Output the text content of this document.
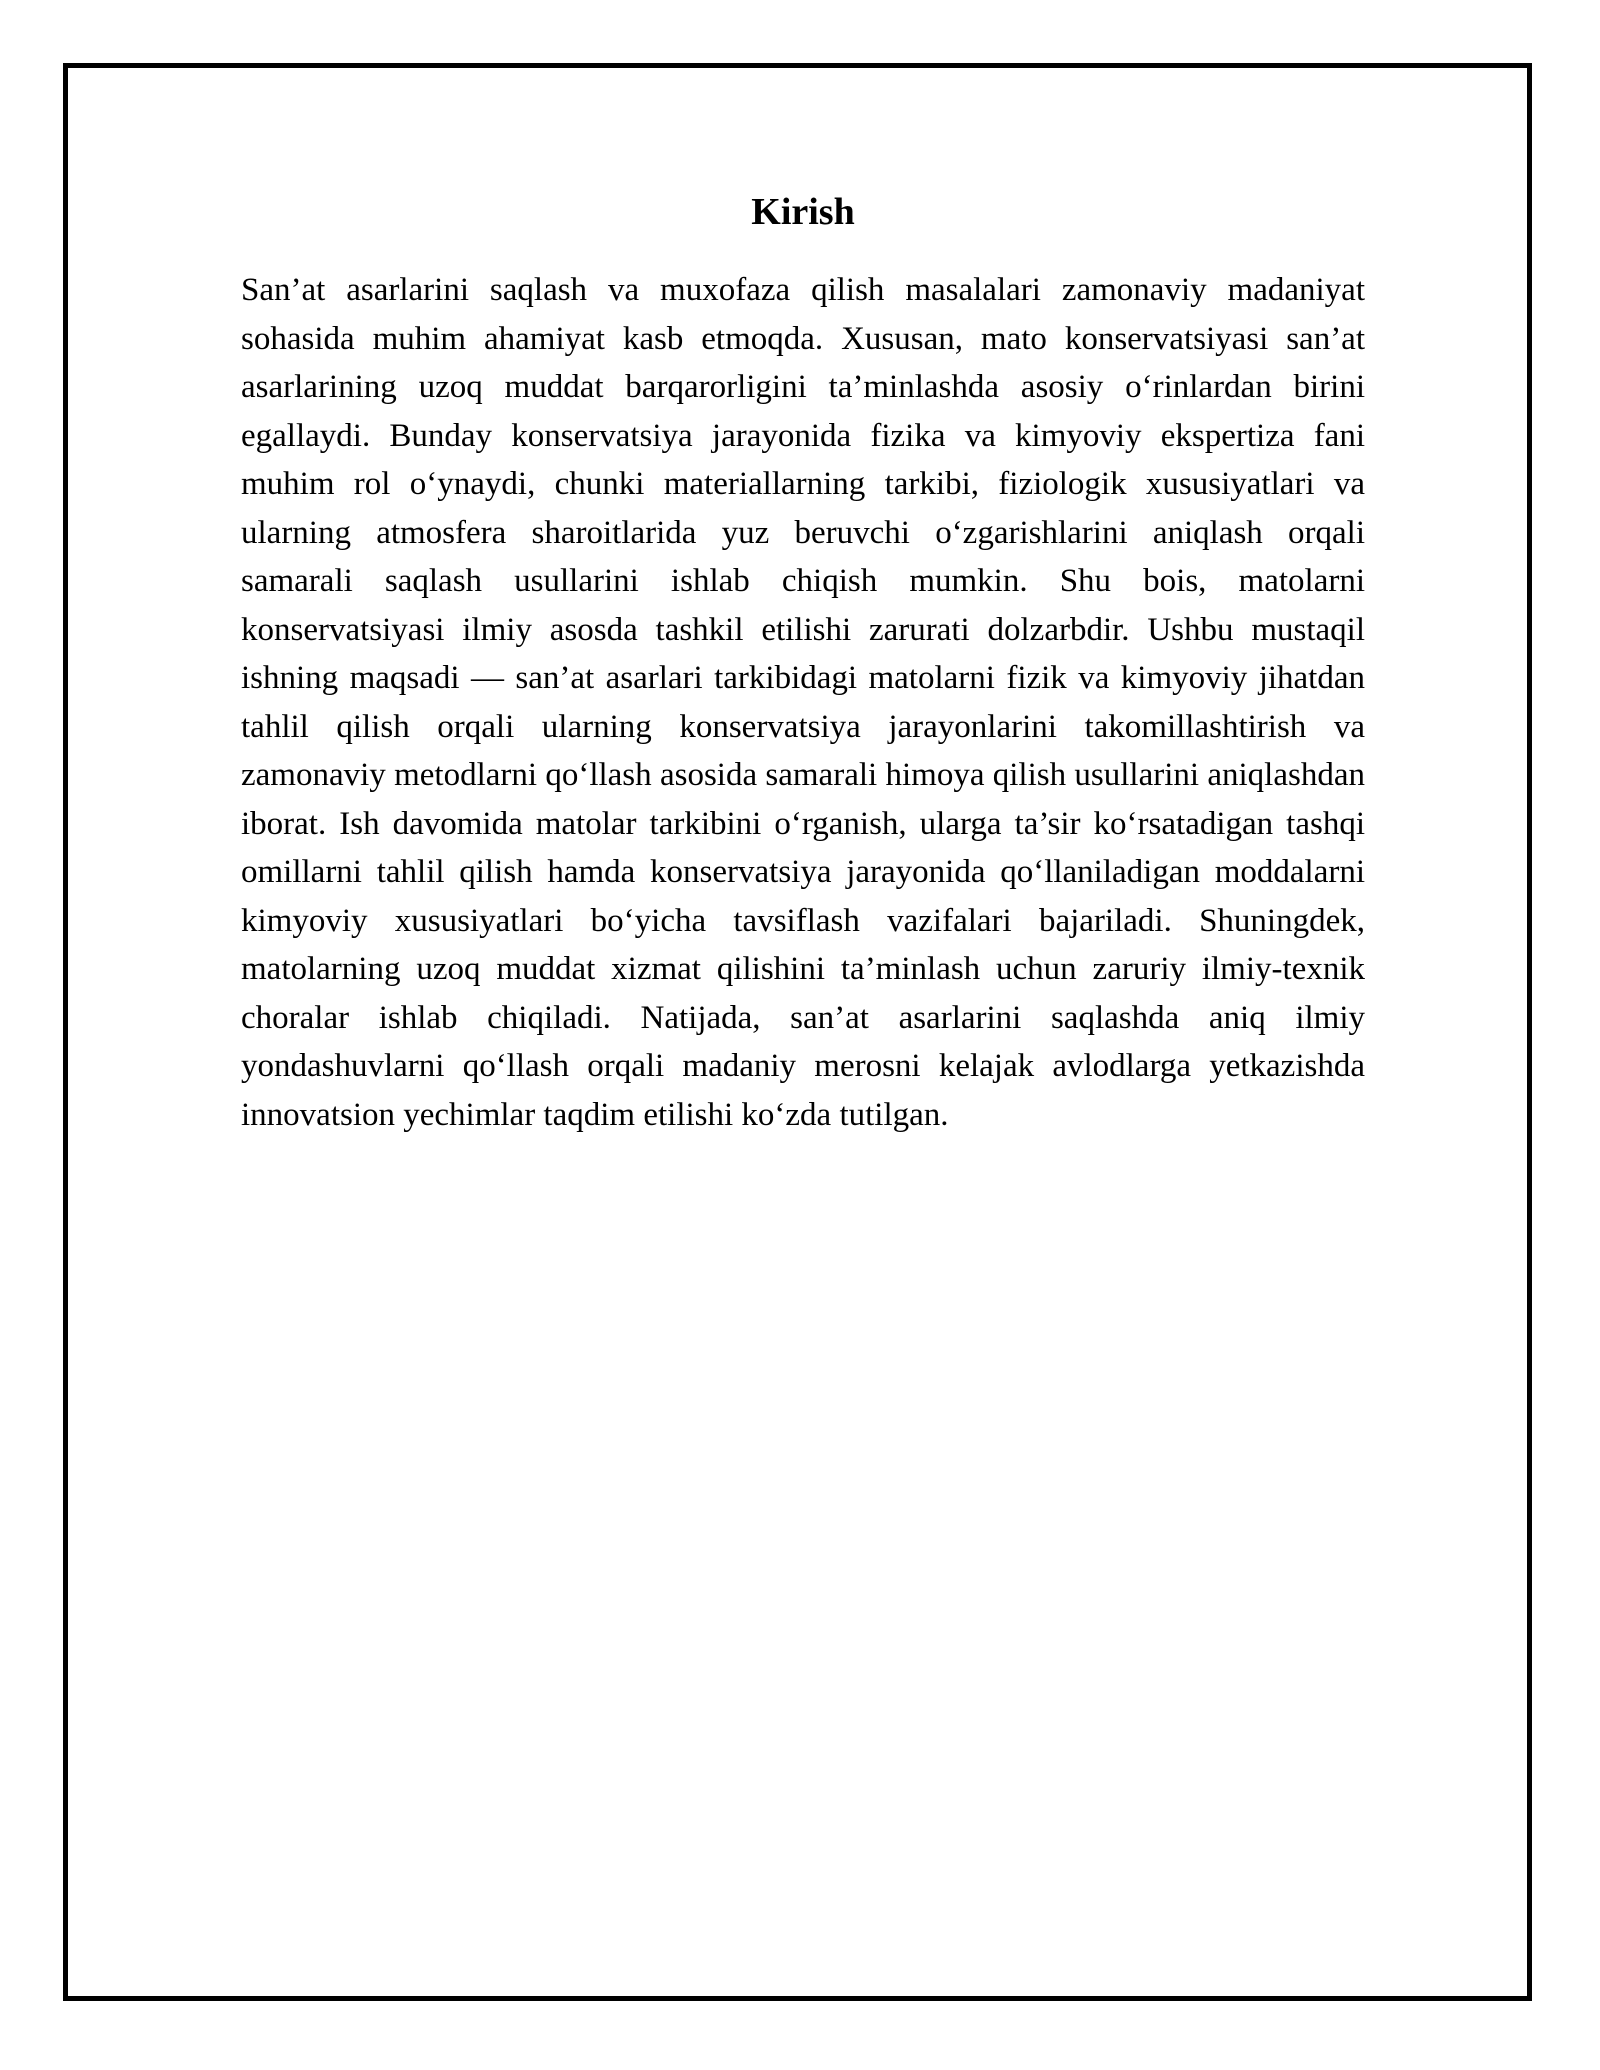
Kirish

San’at asarlarini saqlash va muxofaza qilish masalalari zamonaviy madaniyat sohasida muhim ahamiyat kasb etmoqda. Xususan, mato konservatsiyasi san’at asarlarining uzoq muddat barqarorligini ta’minlashda asosiy o‘rinlardan birini egallaydi. Bunday konservatsiya jarayonida fizika va kimyoviy ekspertiza fani muhim rol o‘ynaydi, chunki materiallarning tarkibi, fiziologik xususiyatlari va ularning atmosfera sharoitlarida yuz beruvchi o‘zgarishlarini aniqlash orqali samarali saqlash usullarini ishlab chiqish mumkin. Shu bois, matolarni konservatsiyasi ilmiy asosda tashkil etilishi zarurati dolzarbdir. Ushbu mustaqil ishning maqsadi — san’at asarlari tarkibidagi matolarni fizik va kimyoviy jihatdan tahlil qilish orqali ularning konservatsiya jarayonlarini takomillashtirish va zamonaviy metodlarni qo‘llash asosida samarali himoya qilish usullarini aniqlashdan iborat. Ish davomida matolar tarkibini o‘rganish, ularga ta’sir ko‘rsatadigan tashqi omillarni tahlil qilish hamda konservatsiya jarayonida qo‘llaniladigan moddalarni kimyoviy xususiyatlari bo‘yicha tavsiflash vazifalari bajariladi. Shuningdek, matolarning uzoq muddat xizmat qilishini ta’minlash uchun zaruriy ilmiy-texnik choralar ishlab chiqiladi. Natijada, san’at asarlarini saqlashda aniq ilmiy yondashuvlarni qo‘llash orqali madaniy merosni kelajak avlodlarga yetkazishda innovatsion yechimlar taqdim etilishi ko‘zda tutilgan.
